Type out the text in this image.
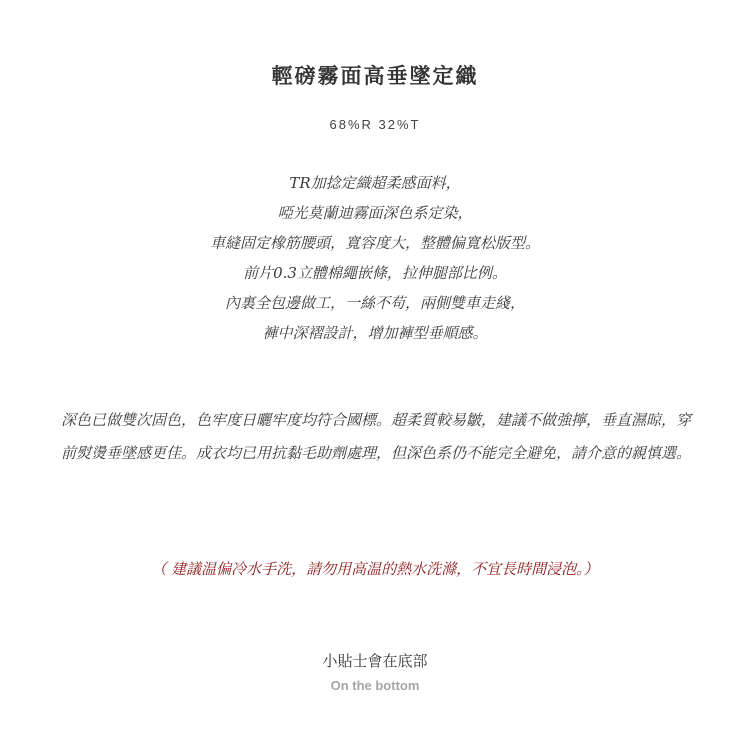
輕磅霧面高垂墜定織
68%R 32%T
TR加捻定織超柔感面料，
啞光莫蘭迪霧面深色系定染，
車縫固定橡筋腰頭，寬容度大，整體偏寬松版型。
前片0.3立體棉繩嵌條，拉伸腿部比例。
內裏全包邊做工，一絲不苟，兩側雙車走綫，
褲中深褶設計，增加褲型垂順感。
深色已做雙次固色，色牢度日曬牢度均符合國標。超柔質較易皺，建議不做強擰，垂直濕晾，穿前熨燙垂墜感更佳。成衣均已用抗黏毛助劑處理，但深色系仍不能完全避免，請介意的親慎選。
（ 建議温偏冷水手洗，請勿用高温的熱水洗滌，不宜長時間浸泡。）
小貼士會在底部
On the bottom
